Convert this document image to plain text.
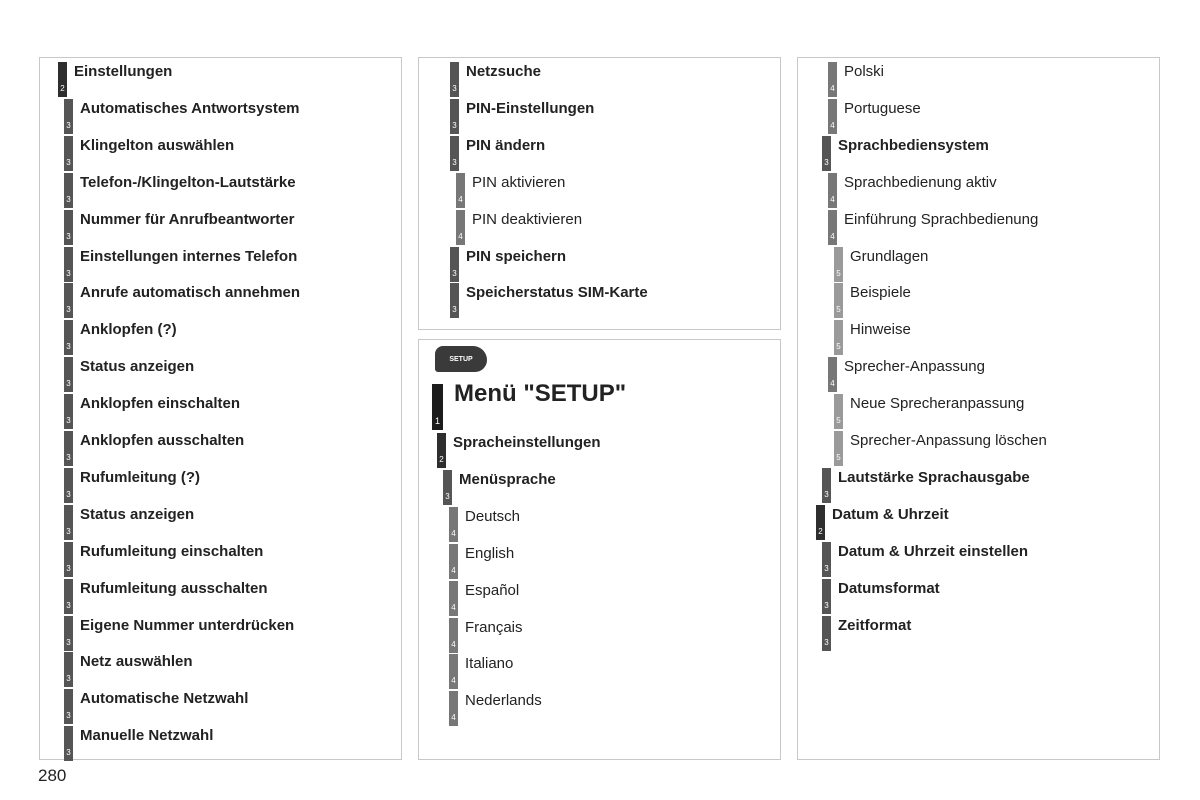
2
Einstellungen
3
Automatisches Antwortsystem
3
Klingelton auswählen
3
Telefon-/Klingelton-Lautstärke
3
Nummer für Anrufbeantworter
3
Einstellungen internes Telefon
3
Anrufe automatisch annehmen
3
Anklopfen (?)
3
Status anzeigen
3
Anklopfen einschalten
3
Anklopfen ausschalten
3
Rufumleitung (?)
3
Status anzeigen
3
Rufumleitung einschalten
3
Rufumleitung ausschalten
3
Eigene Nummer unterdrücken
3
Netz auswählen
3
Automatische Netzwahl
3
Manuelle Netzwahl
3
Netzsuche
3
PIN-Einstellungen
3
PIN ändern
4
PIN aktivieren
4
PIN deaktivieren
3
PIN speichern
3
Speicherstatus SIM-Karte
SETUP
1
Menü "SETUP"
2
Spracheinstellungen
3
Menüsprache
4
Deutsch
4
English
4
Español
4
Français
4
Italiano
4
Nederlands
4
Polski
4
Portuguese
3
Sprachbediensystem
4
Sprachbedienung aktiv
4
Einführung Sprachbedienung
5
Grundlagen
5
Beispiele
5
Hinweise
4
Sprecher-Anpassung
5
Neue Sprecheranpassung
5
Sprecher-Anpassung löschen
3
Lautstärke Sprachausgabe
2
Datum & Uhrzeit
3
Datum & Uhrzeit einstellen
3
Datumsformat
3
Zeitformat
280
